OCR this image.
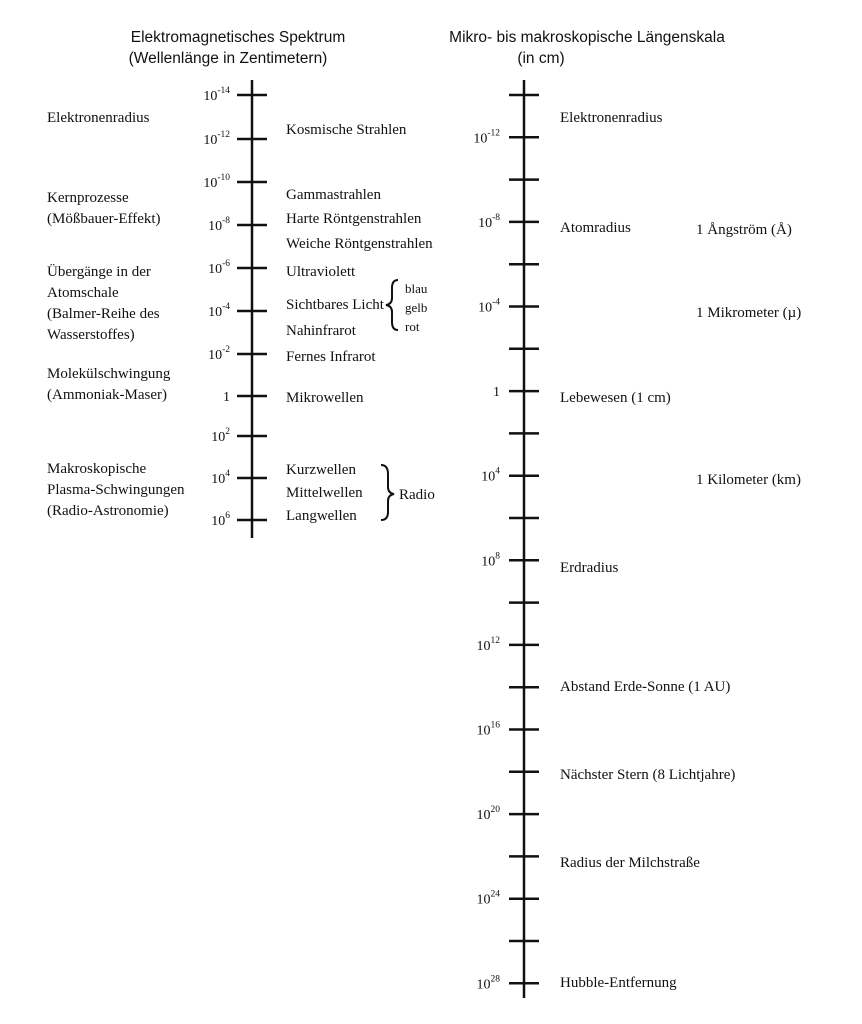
Elektromagnetisches Spektrum
(Wellenlänge in Zentimetern)
Mikro- bis makroskopische Längenskala
(in cm)
$10^{-14}$
$10^{-12}$
$10^{-10}$
$10^{-8}$
$10^{-6}$
$10^{-4}$
$10^{-2}$
1
$10^2$
$10^4$
$10^6$
$10^{-12}$
$10^{-8}$
$10^{-4}$
1
$10^4$
$10^8$
$10^{12}$
$10^{16}$
$10^{20}$
$10^{24}$
$10^{28}$
Elektronenradius
Kernprozesse
(Mößbauer-Effekt)
Übergänge in der
Atomschale
(Balmer-Reihe des
Wasserstoffes)
Molekülschwingung
(Ammoniak-Maser)
Makroskopische
Plasma-Schwingungen
(Radio-Astronomie)
Kosmische Strahlen
Gammastrahlen
Harte Röntgenstrahlen
Weiche Röntgenstrahlen
Ultraviolett
Sichtbares Licht
Nahinfrarot
Fernes Infrarot
Mikrowellen
Kurzwellen
Mittelwellen
Langwellen
blau
gelb
rot
Radio
Elektronenradius
Atomradius
Lebewesen (1 cm)
Erdradius
Abstand Erde-Sonne (1 AU)
Nächster Stern (8 Lichtjahre)
Radius der Milchstraße
Hubble-Entfernung
1 Ångström (Å)
1 Mikrometer (µ)
1 Kilometer (km)
